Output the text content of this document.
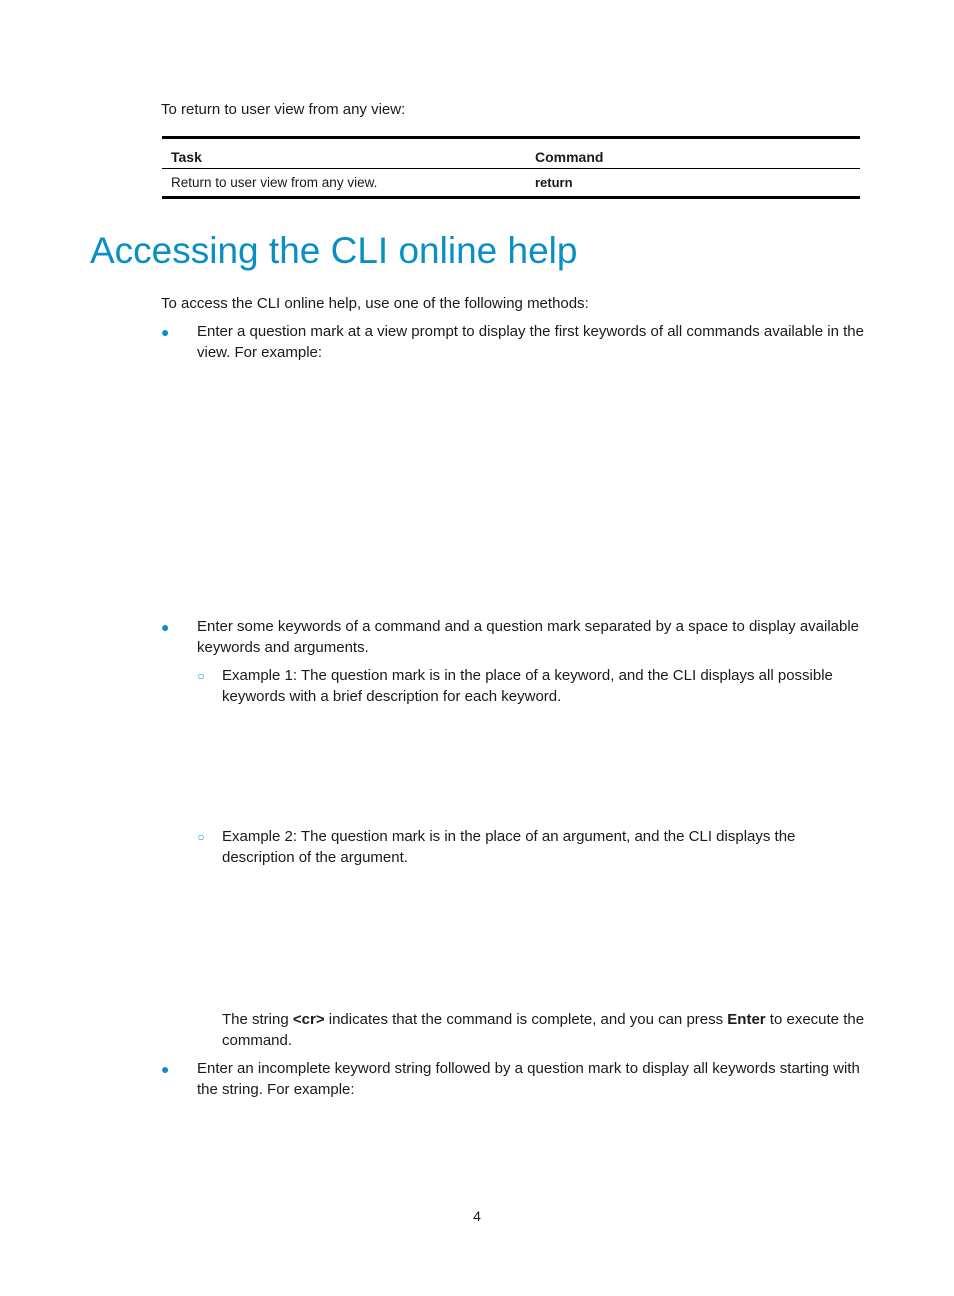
To return to user view from any view:

Task	Command
Return to user view from any view.	return
Accessing the CLI online help

To access the CLI online help, use one of the following methods:

● Enter a question mark at a view prompt to display the first keywords of all commands available in the view. For example:

● Enter some keywords of a command and a question mark separated by a space to display available keywords and arguments.

○ Example 1: The question mark is in the place of a keyword, and the CLI displays all possible keywords with a brief description for each keyword.

○ Example 2: The question mark is in the place of an argument, and the CLI displays the description of the argument.

The string <cr> indicates that the command is complete, and you can press Enter to execute the command.

● Enter an incomplete keyword string followed by a question mark to display all keywords starting with the string. For example:

4
